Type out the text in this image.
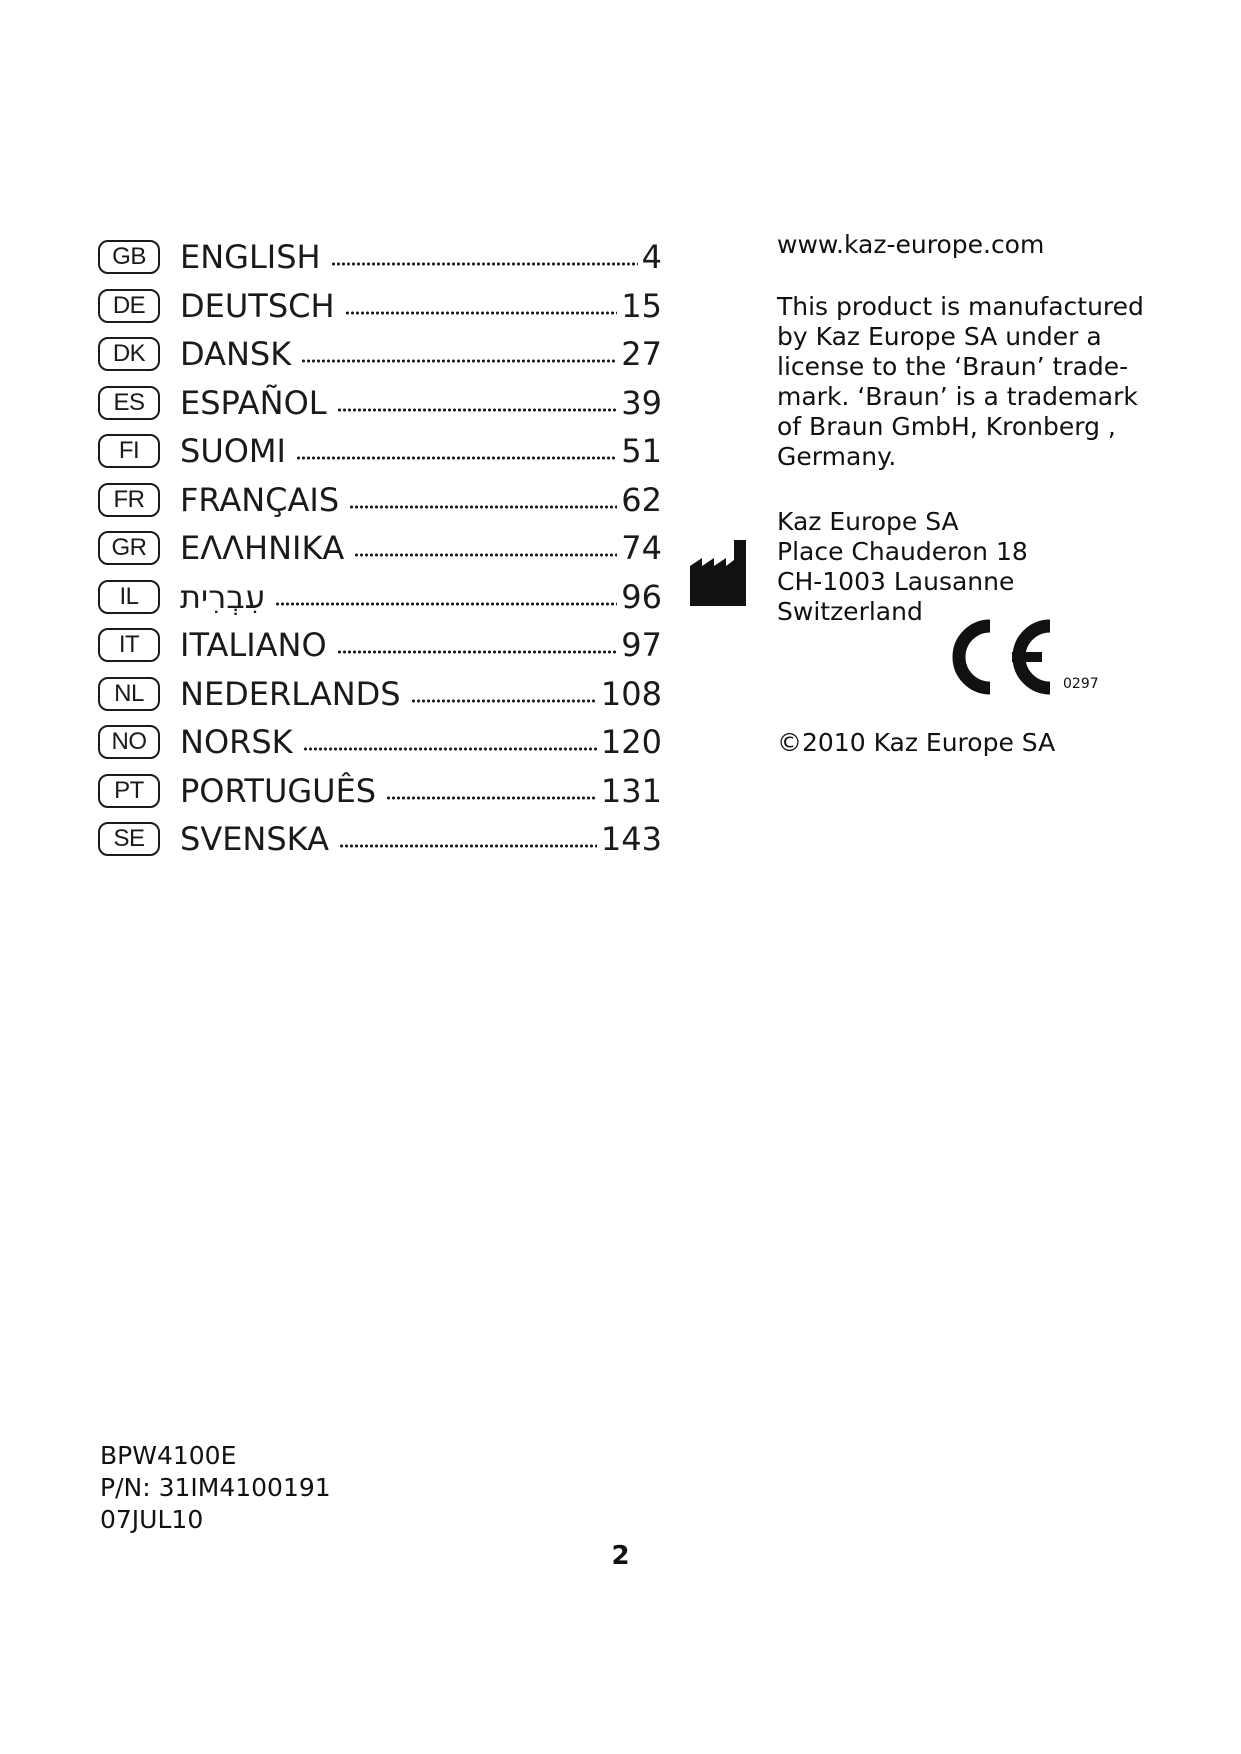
GB	ENGLISH	4
DE	DEUTSCH	15
DK	DANSK	27
ES	ESPAÑOL	39
FI	SUOMI	51
FR	FRANÇAIS	62
GR	ΕΛΛΗΝΙΚΑ	74
IL	עִבְרִית	96
IT	ITALIANO	97
NL	NEDERLANDS	108
NO	NORSK	120
PT	PORTUGUÊS	131
SE	SVENSKA	143
www.kaz-europe.com
This product is manufactured
by Kaz Europe SA under a
license to the ‘Braun’ trade-
mark. ‘Braun’ is a trademark
of Braun GmbH, Kronberg ,
Germany.
Kaz Europe SA
Place Chauderon 18
CH-1003 Lausanne
Switzerland
0297
©2010 Kaz Europe SA
BPW4100E
P/N: 31IM4100191
07JUL10
2
